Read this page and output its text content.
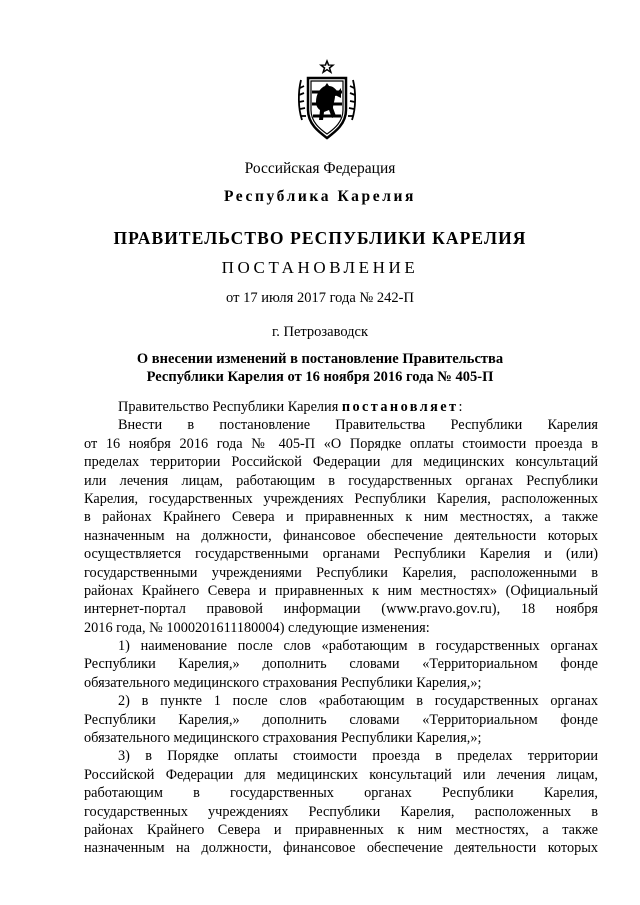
Российская Федерация
Республика Карелия
ПРАВИТЕЛЬСТВО РЕСПУБЛИКИ КАРЕЛИЯ
ПОСТАНОВЛЕНИЕ
от 17 июля 2017 года № 242-П
г. Петрозаводск
О внесении изменений в постановление Правительства
Республики Карелия от 16 ноября 2016 года № 405-П
Правительство Республики Карелия постановляет:
Внести в постановление Правительства Республики Карелия
от 16 ноября 2016 года № 405-П «О Порядке оплаты стоимости проезда в
пределах территории Российской Федерации для медицинских консультаций
или лечения лицам, работающим в государственных органах Республики
Карелия, государственных учреждениях Республики Карелия, расположенных
в районах Крайнего Севера и приравненных к ним местностях, а также
назначенным на должности, финансовое обеспечение деятельности которых
осуществляется государственными органами Республики Карелия и (или)
государственными учреждениями Республики Карелия, расположенными в
районах Крайнего Севера и приравненных к ним местностях» (Официальный
интернет-портал правовой информации (www.pravo.gov.ru), 18 ноября
2016 года, № 1000201611180004) следующие изменения:
1) наименование после слов «работающим в государственных органах
Республики Карелия,» дополнить словами «Территориальном фонде
обязательного медицинского страхования Республики Карелия,»;
2) в пункте 1 после слов «работающим в государственных органах
Республики Карелия,» дополнить словами «Территориальном фонде
обязательного медицинского страхования Республики Карелия,»;
3) в Порядке оплаты стоимости проезда в пределах территории
Российской Федерации для медицинских консультаций или лечения лицам,
работающим в государственных органах Республики Карелия,
государственных учреждениях Республики Карелия, расположенных в
районах Крайнего Севера и приравненных к ним местностях, а также
назначенным на должности, финансовое обеспечение деятельности которых
